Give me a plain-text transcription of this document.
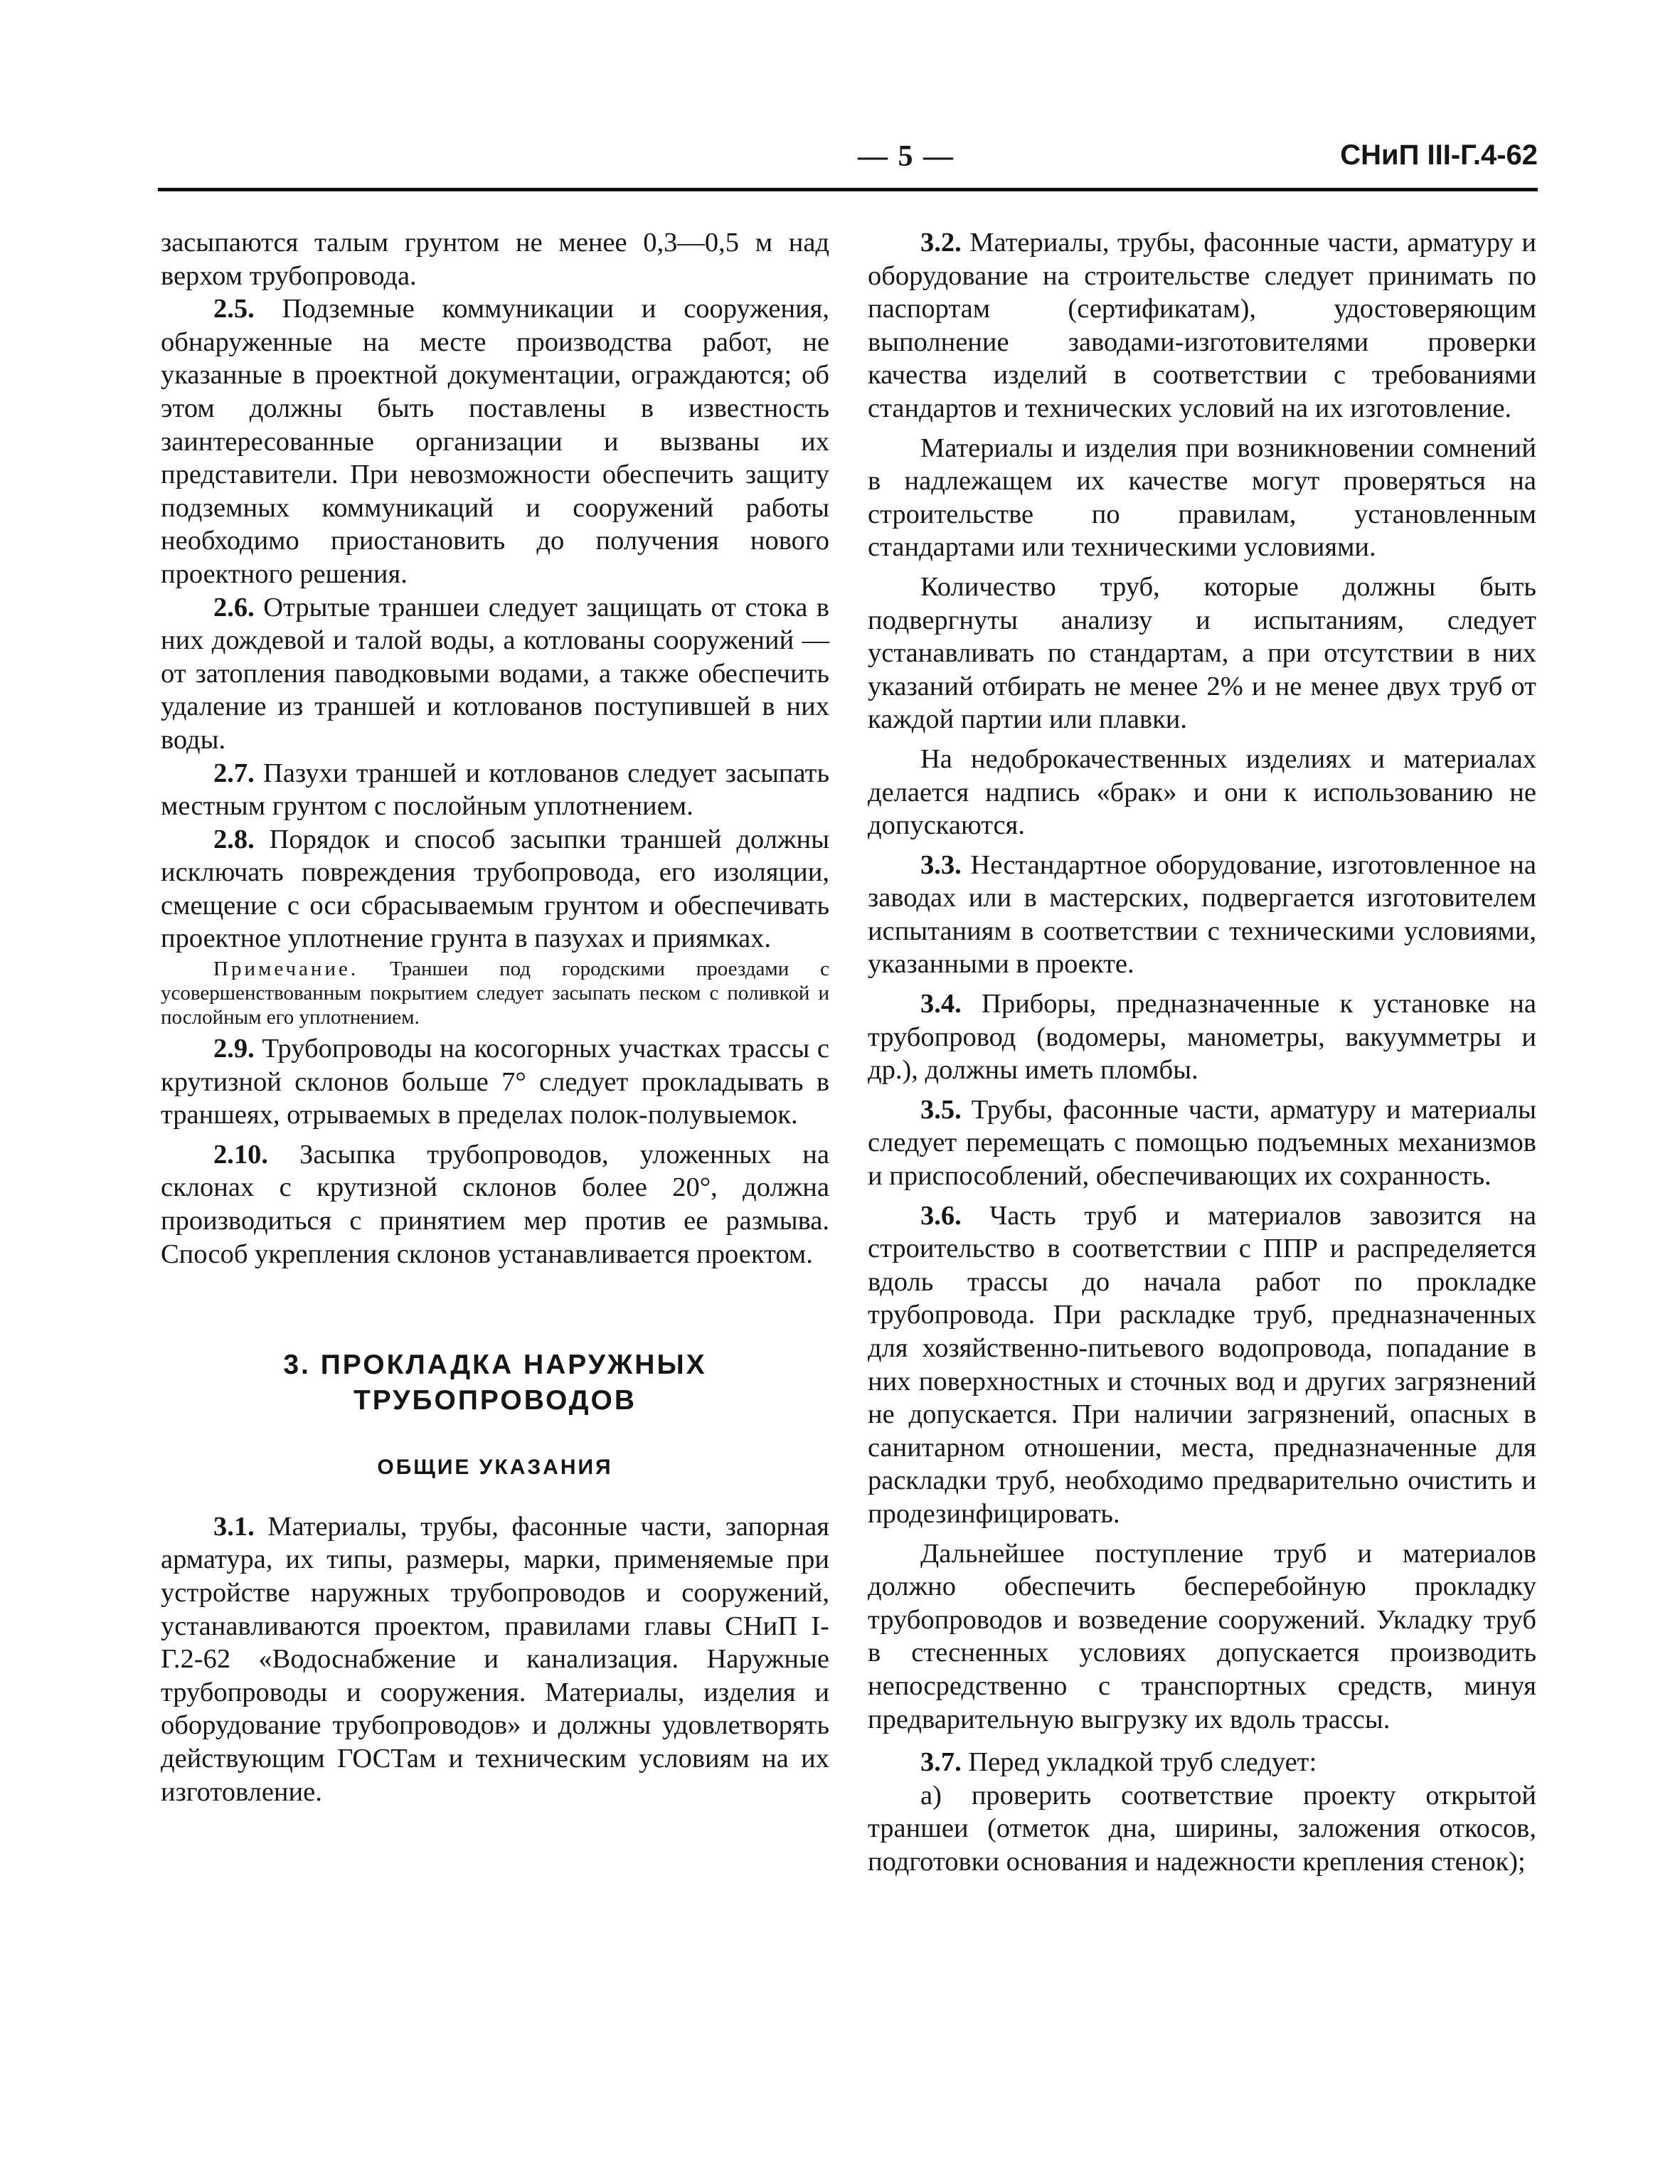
— 5 —	СНиП III-Г.4-62

засыпаются талым грунтом не менее 0,3—0,5 м над верхом трубопровода.

2.5. Подземные коммуникации и сооружения, обнаруженные на месте производства работ, не указанные в проектной документации, ограждаются; об этом должны быть поставлены в известность заинтересованные организации и вызваны их представители. При невозможности обеспечить защиту подземных коммуникаций и сооружений работы необходимо приостановить до получения нового проектного решения.

2.6. Отрытые траншеи следует защищать от стока в них дождевой и талой воды, а котлованы сооружений — от затопления паводковыми водами, а также обеспечить удаление из траншей и котлованов поступившей в них воды.

2.7. Пазухи траншей и котлованов следует засыпать местным грунтом с послойным уплотнением.

2.8. Порядок и способ засыпки траншей должны исключать повреждения трубопровода, его изоляции, смещение с оси сбрасываемым грунтом и обеспечивать проектное уплотнение грунта в пазухах и приямках.

Примечание. Траншеи под городскими проездами с усовершенствованным покрытием следует засыпать песком с поливкой и послойным его уплотнением.

2.9. Трубопроводы на косогорных участках трассы с крутизной склонов больше 7° следует прокладывать в траншеях, отрываемых в пределах полок-полувыемок.

2.10. Засыпка трубопроводов, уложенных на склонах с крутизной склонов более 20°, должна производиться с принятием мер против ее размыва. Способ укрепления склонов устанавливается проектом.

3. ПРОКЛАДКА НАРУЖНЫХ
ТРУБОПРОВОДОВ
ОБЩИЕ УКАЗАНИЯ

3.1. Материалы, трубы, фасонные части, запорная арматура, их типы, размеры, марки, применяемые при устройстве наружных трубопроводов и сооружений, устанавливаются проектом, правилами главы СНиП I-Г.2-62 «Водоснабжение и канализация. Наружные трубопроводы и сооружения. Материалы, изделия и оборудование трубопроводов» и должны удовлетворять действующим ГОСТам и техническим условиям на их изготовление.

3.2. Материалы, трубы, фасонные части, арматуру и оборудование на строительстве следует принимать по паспортам (сертификатам), удостоверяющим выполнение заводами-изготовителями проверки качества изделий в соответствии с требованиями стандартов и технических условий на их изготовление.

Материалы и изделия при возникновении сомнений в надлежащем их качестве могут проверяться на строительстве по правилам, установленным стандартами или техническими условиями.

Количество труб, которые должны быть подвергнуты анализу и испытаниям, следует устанавливать по стандартам, а при отсутствии в них указаний отбирать не менее 2% и не менее двух труб от каждой партии или плавки.

На недоброкачественных изделиях и материалах делается надпись «брак» и они к использованию не допускаются.

3.3. Нестандартное оборудование, изготовленное на заводах или в мастерских, подвергается изготовителем испытаниям в соответствии с техническими условиями, указанными в проекте.

3.4. Приборы, предназначенные к установке на трубопровод (водомеры, манометры, вакуумметры и др.), должны иметь пломбы.

3.5. Трубы, фасонные части, арматуру и материалы следует перемещать с помощью подъемных механизмов и приспособлений, обеспечивающих их сохранность.

3.6. Часть труб и материалов завозится на строительство в соответствии с ППР и распределяется вдоль трассы до начала работ по прокладке трубопровода. При раскладке труб, предназначенных для хозяйственно-питьевого водопровода, попадание в них поверхностных и сточных вод и других загрязнений не допускается. При наличии загрязнений, опасных в санитарном отношении, места, предназначенные для раскладки труб, необходимо предварительно очистить и продезинфицировать.

Дальнейшее поступление труб и материалов должно обеспечить бесперебойную прокладку трубопроводов и возведение сооружений. Укладку труб в стесненных условиях допускается производить непосредственно с транспортных средств, минуя предварительную выгрузку их вдоль трассы.

3.7. Перед укладкой труб следует:

а) проверить соответствие проекту открытой траншеи (отметок дна, ширины, заложения откосов, подготовки основания и надежности крепления стенок);
